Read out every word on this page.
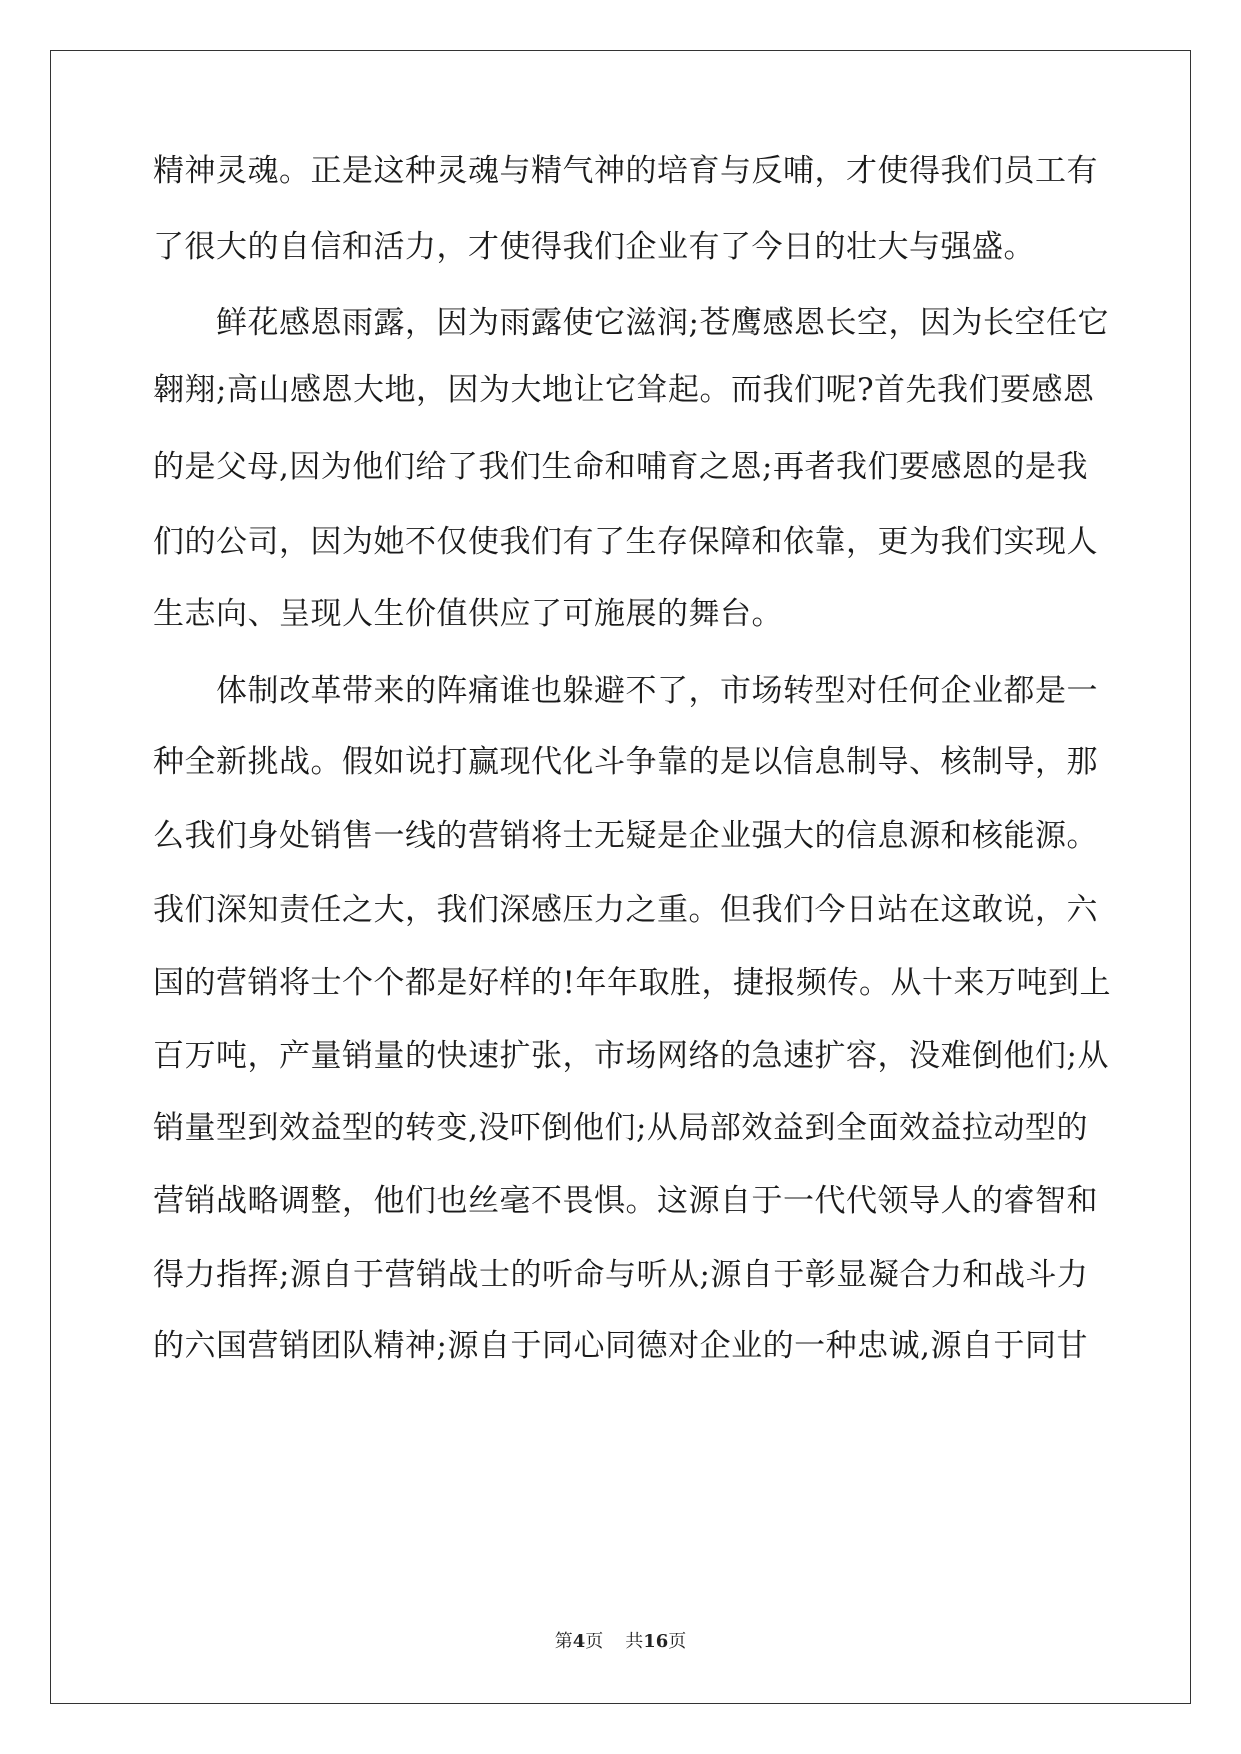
精神灵魂。正是这种灵魂与精气神的培育与反哺，才使得我们员工有
了很大的自信和活力，才使得我们企业有了今日的壮大与强盛。
　　鲜花感恩雨露，因为雨露使它滋润;苍鹰感恩长空，因为长空任它
翱翔;高山感恩大地，因为大地让它耸起。而我们呢?首先我们要感恩
的是父母,因为他们给了我们生命和哺育之恩;再者我们要感恩的是我
们的公司，因为她不仅使我们有了生存保障和依靠，更为我们实现人
生志向、呈现人生价值供应了可施展的舞台。
　　体制改革带来的阵痛谁也躲避不了，市场转型对任何企业都是一
种全新挑战。假如说打赢现代化斗争靠的是以信息制导、核制导，那
么我们身处销售一线的营销将士无疑是企业强大的信息源和核能源。
我们深知责任之大，我们深感压力之重。但我们今日站在这敢说，六
国的营销将士个个都是好样的!年年取胜，捷报频传。从十来万吨到上
百万吨，产量销量的快速扩张，市场网络的急速扩容，没难倒他们;从
销量型到效益型的转变,没吓倒他们;从局部效益到全面效益拉动型的
营销战略调整，他们也丝毫不畏惧。这源自于一代代领导人的睿智和
得力指挥;源自于营销战士的听命与听从;源自于彰显凝合力和战斗力
的六国营销团队精神;源自于同心同德对企业的一种忠诚,源自于同甘
第4页 共16页
